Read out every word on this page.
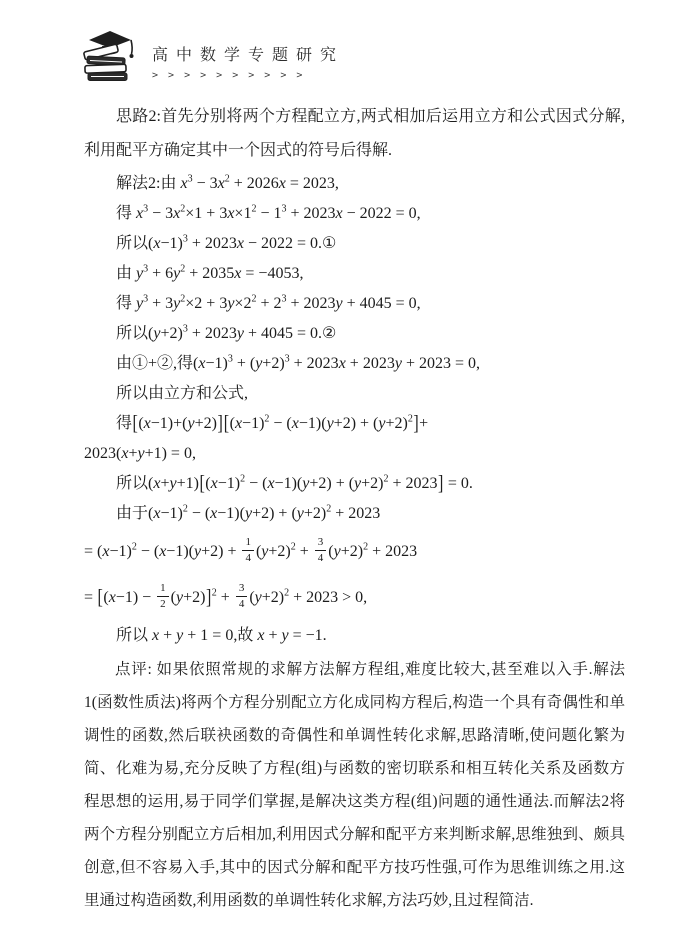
高中数学专题研究
> > > > > > > > > >

思路2:首先分别将两个方程配立方,两式相加后运用立方和公式因式分解,利用配平方确定其中一个因式的符号后得解.

解法2:由 $x^3 - 3x^2 + 2026x = 2023$,

得 $x^3 - 3x^2\times 1 + 3x\times 1^2 - 1^3 + 2023x - 2022 = 0$,

所以$(x-1)^3 + 2023x - 2022$ = 0.①

由 $y^3 + 6y^2 + 2035x = -4053$,

得 $y^3 + 3y^2\times 2 + 3y\times 2^2 + 2^3 + 2023y + 4045 = 0$,

所以$(y+2)^3 + 2023y + 4045$ = 0.②

由①+②,得$(x-1)^3 + (y+2)^3 + 2023x + 2023y + 2023 = 0$,

所以由立方和公式,

得$[(x-1)+(y+2)][(x-1)^2 - (x-1)(y+2) + (y+2)^2]+$

2023(x+y+1) = 0,

所以$(x+y+1)[(x-1)^2 - (x-1)(y+2) + (y+2)^2 + 2023] = 0$.

由于$(x-1)^2 - (x-1)(y+2) + (y+2)^2 + 2023$

= $(x-1)^2 - (x-1)(y+2) + \frac{1}{4} (y+2)^2 + \frac{3}{4} (y+2)^2 + 2023$

= $[(x-1) - \frac{1}{2} (y+2)]^2 + \frac{3}{4} (y+2)^2 + 2023 > 0$,

所以 x + y + 1 = 0,故 x + y = −1.

点评: 如果依照常规的求解方法解方程组,难度比较大,甚至难以入手.解法1(函数性质法)将两个方程分别配立方化成同构方程后,构造一个具有奇偶性和单调性的函数,然后联袂函数的奇偶性和单调性转化求解,思路清晰,使问题化繁为简、化难为易,充分反映了方程(组)与函数的密切联系和相互转化关系及函数方程思想的运用,易于同学们掌握,是解决这类方程(组)问题的通性通法.而解法2将两个方程分别配立方后相加,利用因式分解和配平方来判断求解,思维独到、颇具创意,但不容易入手,其中的因式分解和配平方技巧性强,可作为思维训练之用.这里通过构造函数,利用函数的单调性转化求解,方法巧妙,且过程简洁.
